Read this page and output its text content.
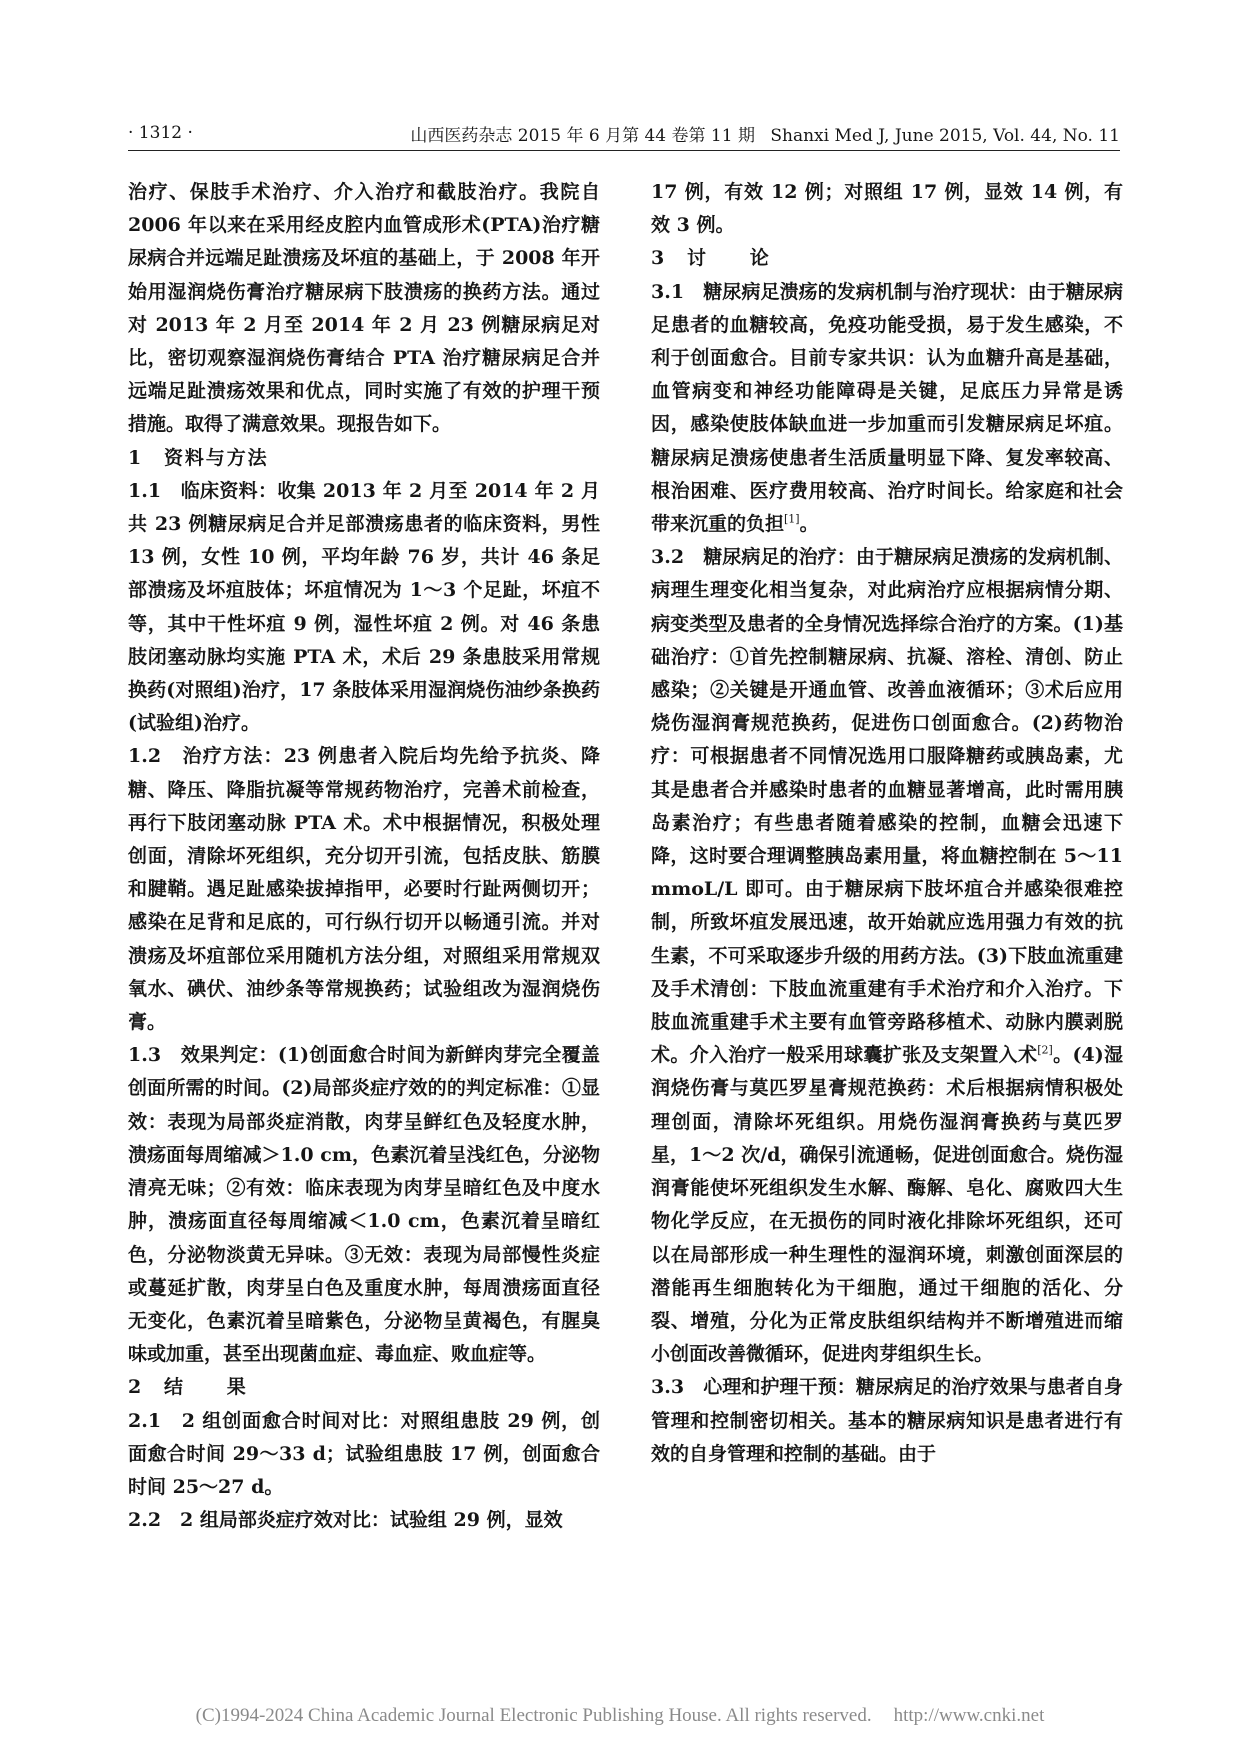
· 1312 ·	山西医药杂志 2015 年 6 月第 44 卷第 11 期 Shanxi Med J, June 2015, Vol. 44, No. 11

治疗、保肢手术治疗、介入治疗和截肢治疗。我院自 2006 年以来在采用经皮腔内血管成形术(PTA)治疗糖尿病合并远端足趾溃疡及坏疽的基础上，于 2008 年开始用湿润烧伤膏治疗糖尿病下肢溃疡的换药方法。通过对 2013 年 2 月至 2014 年 2 月 23 例糖尿病足对比，密切观察湿润烧伤膏结合 PTA 治疗糖尿病足合并远端足趾溃疡效果和优点，同时实施了有效的护理干预措施。取得了满意效果。现报告如下。

1 资料与方法

1.1　临床资料：收集 2013 年 2 月至 2014 年 2 月共 23 例糖尿病足合并足部溃疡患者的临床资料，男性 13 例，女性 10 例，平均年龄 76 岁，共计 46 条足部溃疡及坏疽肢体；坏疽情况为 1～3 个足趾，坏疽不等，其中干性坏疽 9 例，湿性坏疽 2 例。对 46 条患肢闭塞动脉均实施 PTA 术，术后 29 条患肢采用常规换药(对照组)治疗，17 条肢体采用湿润烧伤油纱条换药(试验组)治疗。

1.2　治疗方法：23 例患者入院后均先给予抗炎、降糖、降压、降脂抗凝等常规药物治疗，完善术前检查，再行下肢闭塞动脉 PTA 术。术中根据情况，积极处理创面，清除坏死组织，充分切开引流，包括皮肤、筋膜和腱鞘。遇足趾感染拔掉指甲，必要时行趾两侧切开；感染在足背和足底的，可行纵行切开以畅通引流。并对溃疡及坏疽部位采用随机方法分组，对照组采用常规双氧水、碘伏、油纱条等常规换药；试验组改为湿润烧伤膏。

1.3　效果判定：(1)创面愈合时间为新鲜肉芽完全覆盖创面所需的时间。(2)局部炎症疗效的的判定标准：①显效：表现为局部炎症消散，肉芽呈鲜红色及轻度水肿，溃疡面每周缩减＞1.0 cm，色素沉着呈浅红色，分泌物清亮无味；②有效：临床表现为肉芽呈暗红色及中度水肿，溃疡面直径每周缩减＜1.0 cm，色素沉着呈暗红色，分泌物淡黄无异味。③无效：表现为局部慢性炎症或蔓延扩散，肉芽呈白色及重度水肿，每周溃疡面直径无变化，色素沉着呈暗紫色，分泌物呈黄褐色，有腥臭味或加重，甚至出现菌血症、毒血症、败血症等。

2 结　　果

2.1　2 组创面愈合时间对比：对照组患肢 29 例，创面愈合时间 29～33 d；试验组患肢 17 例，创面愈合时间 25～27 d。

2.2　2 组局部炎症疗效对比：试验组 29 例，显效

17 例，有效 12 例；对照组 17 例，显效 14 例，有效 3 例。

3 讨　　论

3.1　糖尿病足溃疡的发病机制与治疗现状：由于糖尿病足患者的血糖较高，免疫功能受损，易于发生感染，不利于创面愈合。目前专家共识：认为血糖升高是基础，血管病变和神经功能障碍是关键，足底压力异常是诱因，感染使肢体缺血进一步加重而引发糖尿病足坏疽。糖尿病足溃疡使患者生活质量明显下降、复发率较高、根治困难、医疗费用较高、治疗时间长。给家庭和社会带来沉重的负担[1]。

3.2　糖尿病足的治疗：由于糖尿病足溃疡的发病机制、病理生理变化相当复杂，对此病治疗应根据病情分期、病变类型及患者的全身情况选择综合治疗的方案。(1)基础治疗：①首先控制糖尿病、抗凝、溶栓、清创、防止感染；②关键是开通血管、改善血液循环；③术后应用烧伤湿润膏规范换药，促进伤口创面愈合。(2)药物治疗：可根据患者不同情况选用口服降糖药或胰岛素，尤其是患者合并感染时患者的血糖显著增高，此时需用胰岛素治疗；有些患者随着感染的控制，血糖会迅速下降，这时要合理调整胰岛素用量，将血糖控制在 5～11 mmoL/L 即可。由于糖尿病下肢坏疽合并感染很难控制，所致坏疽发展迅速，故开始就应选用强力有效的抗生素，不可采取逐步升级的用药方法。(3)下肢血流重建及手术清创：下肢血流重建有手术治疗和介入治疗。下肢血流重建手术主要有血管旁路移植术、动脉内膜剥脱术。介入治疗一般采用球囊扩张及支架置入术[2]。(4)湿润烧伤膏与莫匹罗星膏规范换药：术后根据病情积极处理创面，清除坏死组织。用烧伤湿润膏换药与莫匹罗星，1～2 次/d，确保引流通畅，促进创面愈合。烧伤湿润膏能使坏死组织发生水解、酶解、皂化、腐败四大生物化学反应，在无损伤的同时液化排除坏死组织，还可以在局部形成一种生理性的湿润环境，刺激创面深层的潜能再生细胞转化为干细胞，通过干细胞的活化、分裂、增殖，分化为正常皮肤组织结构并不断增殖进而缩小创面改善微循环，促进肉芽组织生长。

3.3　心理和护理干预：糖尿病足的治疗效果与患者自身管理和控制密切相关。基本的糖尿病知识是患者进行有效的自身管理和控制的基础。由于

(C)1994-2024 China Academic Journal Electronic Publishing House. All rights reserved. http://www.cnki.net
